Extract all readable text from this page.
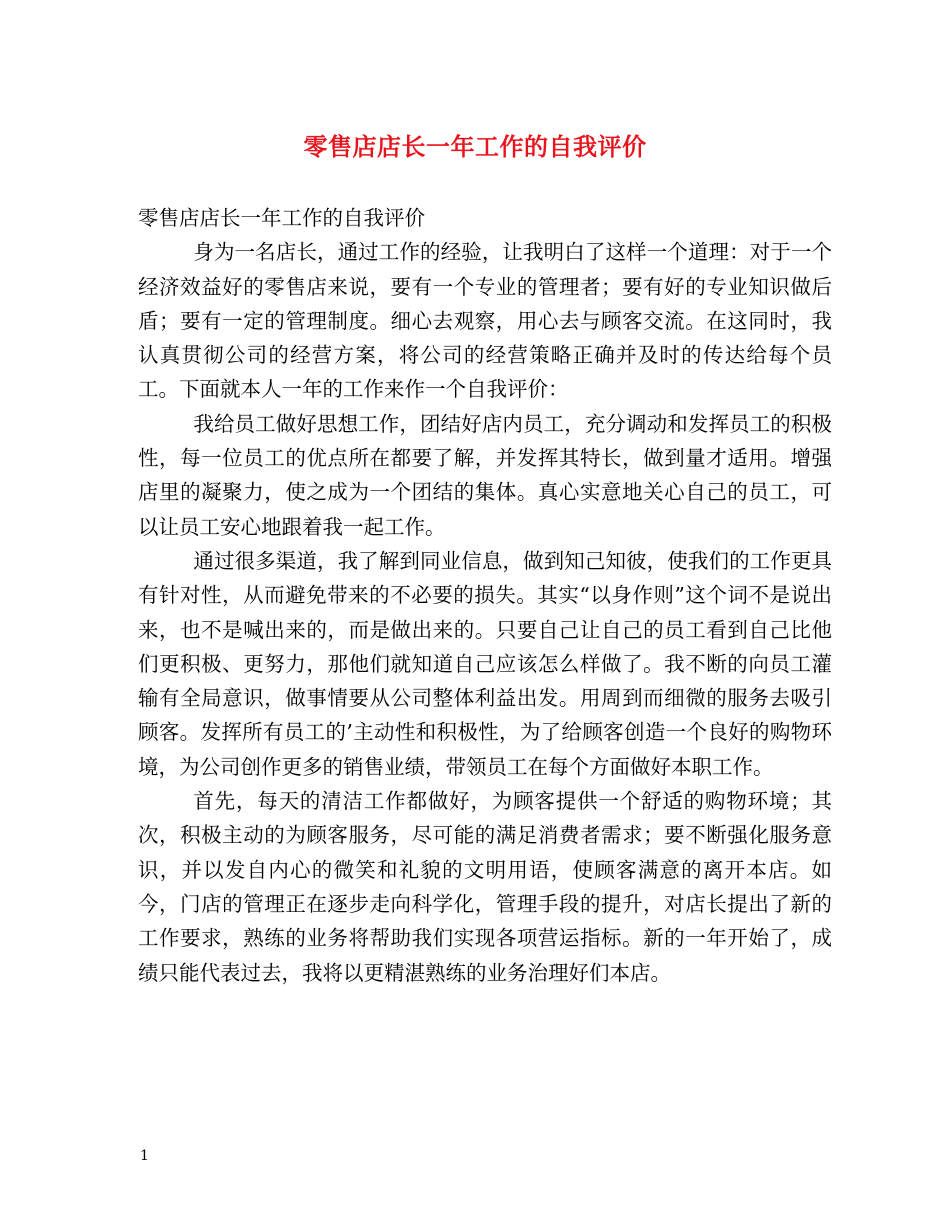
零售店店长一年工作的自我评价

零售店店长一年工作的自我评价

身为一名店长，通过工作的经验，让我明白了这样一个道理：对于一个经济效益好的零售店来说，要有一个专业的管理者；要有好的专业知识做后盾；要有一定的管理制度。细心去观察，用心去与顾客交流。在这同时，我认真贯彻公司的经营方案，将公司的经营策略正确并及时的传达给每个员工。下面就本人一年的工作来作一个自我评价：

我给员工做好思想工作，团结好店内员工，充分调动和发挥员工的积极性，每一位员工的优点所在都要了解，并发挥其特长，做到量才适用。增强店里的凝聚力，使之成为一个团结的集体。真心实意地关心自己的员工，可以让员工安心地跟着我一起工作。

通过很多渠道，我了解到同业信息，做到知己知彼，使我们的工作更具有针对性，从而避免带来的不必要的损失。其实“以身作则”这个词不是说出来，也不是喊出来的，而是做出来的。只要自己让自己的员工看到自己比他们更积极、更努力，那他们就知道自己应该怎么样做了。我不断的向员工灌输有全局意识，做事情要从公司整体利益出发。用周到而细微的服务去吸引顾客。发挥所有员工的’主动性和积极性，为了给顾客创造一个良好的购物环境，为公司创作更多的销售业绩，带领员工在每个方面做好本职工作。

首先，每天的清洁工作都做好，为顾客提供一个舒适的购物环境；其次，积极主动的为顾客服务，尽可能的满足消费者需求；要不断强化服务意识，并以发自内心的微笑和礼貌的文明用语，使顾客满意的离开本店。如今，门店的管理正在逐步走向科学化，管理手段的提升，对店长提出了新的工作要求，熟练的业务将帮助我们实现各项营运指标。新的一年开始了，成绩只能代表过去，我将以更精湛熟练的业务治理好们本店。

1
